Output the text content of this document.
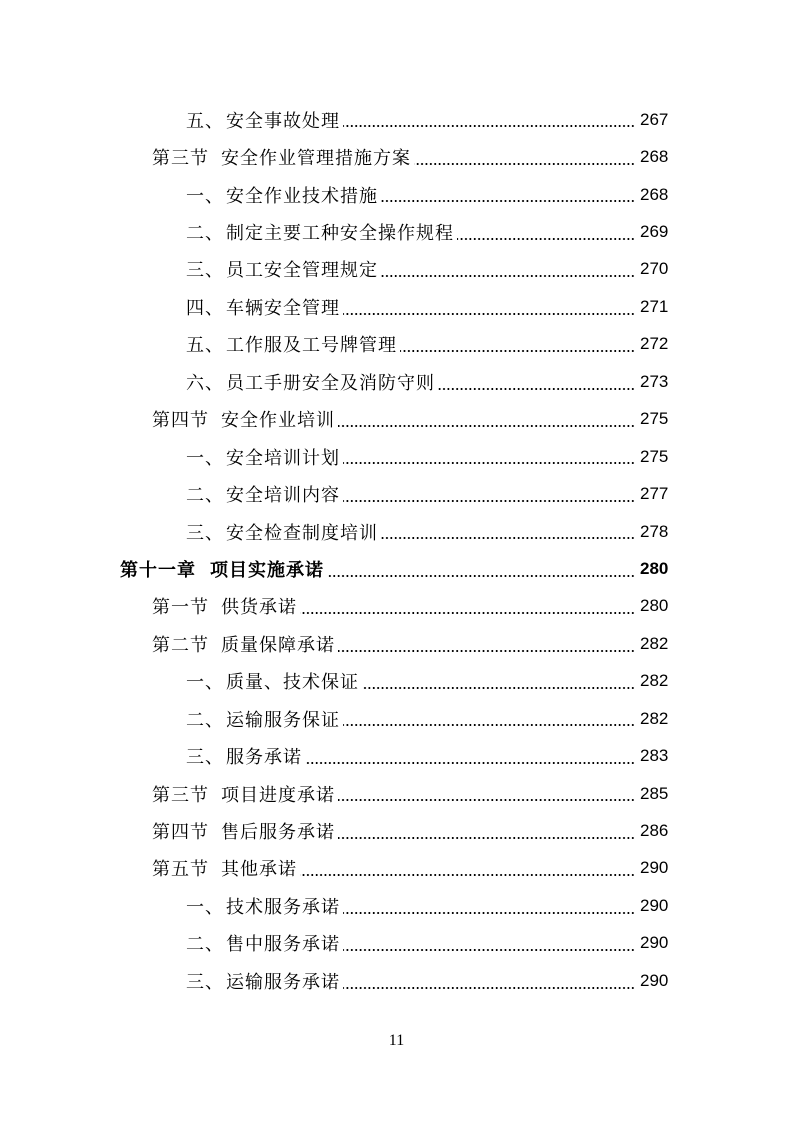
五、 安全事故处理	267
第三节 安全作业管理措施方案	268
一、 安全作业技术措施	268
二、 制定主要工种安全操作规程	269
三、 员工安全管理规定	270
四、 车辆安全管理	271
五、 工作服及工号牌管理	272
六、 员工手册安全及消防守则	273
第四节 安全作业培训	275
一、 安全培训计划	275
二、 安全培训内容	277
三、 安全检查制度培训	278
第十一章 项目实施承诺	280
第一节 供货承诺	280
第二节 质量保障承诺	282
一、 质量、技术保证	282
二、 运输服务保证	282
三、 服务承诺	283
第三节 项目进度承诺	285
第四节 售后服务承诺	286
第五节 其他承诺	290
一、 技术服务承诺	290
二、 售中服务承诺	290
三、 运输服务承诺	290
11
